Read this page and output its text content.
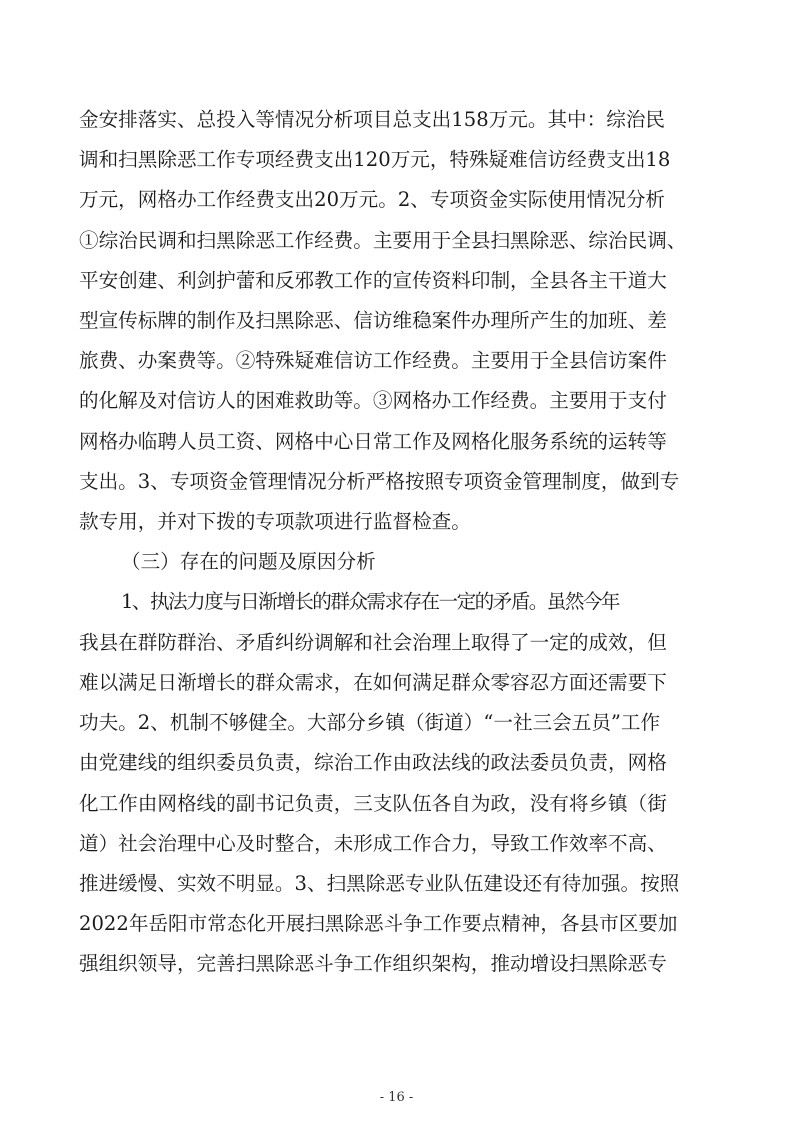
金安排落实、总投入等情况分析项目总支出158万元。其中：综治民
调和扫黑除恶工作专项经费支出120万元，特殊疑难信访经费支出18
万元，网格办工作经费支出20万元。2、专项资金实际使用情况分析
①综治民调和扫黑除恶工作经费。主要用于全县扫黑除恶、综治民调、
平安创建、利剑护蕾和反邪教工作的宣传资料印制，全县各主干道大
型宣传标牌的制作及扫黑除恶、信访维稳案件办理所产生的加班、差
旅费、办案费等。②特殊疑难信访工作经费。主要用于全县信访案件
的化解及对信访人的困难救助等。③网格办工作经费。主要用于支付
网格办临聘人员工资、网格中心日常工作及网格化服务系统的运转等
支出。3、专项资金管理情况分析严格按照专项资金管理制度，做到专
款专用，并对下拨的专项款项进行监督检查。
（三）存在的问题及原因分析
1、执法力度与日渐增长的群众需求存在一定的矛盾。虽然今年
我县在群防群治、矛盾纠纷调解和社会治理上取得了一定的成效，但
难以满足日渐增长的群众需求，在如何满足群众零容忍方面还需要下
功夫。2、机制不够健全。大部分乡镇（街道）“一社三会五员”工作
由党建线的组织委员负责，综治工作由政法线的政法委员负责，网格
化工作由网格线的副书记负责，三支队伍各自为政，没有将乡镇（街
道）社会治理中心及时整合，未形成工作合力，导致工作效率不高、
推进缓慢、实效不明显。3、扫黑除恶专业队伍建设还有待加强。按照
2022年岳阳市常态化开展扫黑除恶斗争工作要点精神，各县市区要加
强组织领导，完善扫黑除恶斗争工作组织架构，推动增设扫黑除恶专
- 16 -
